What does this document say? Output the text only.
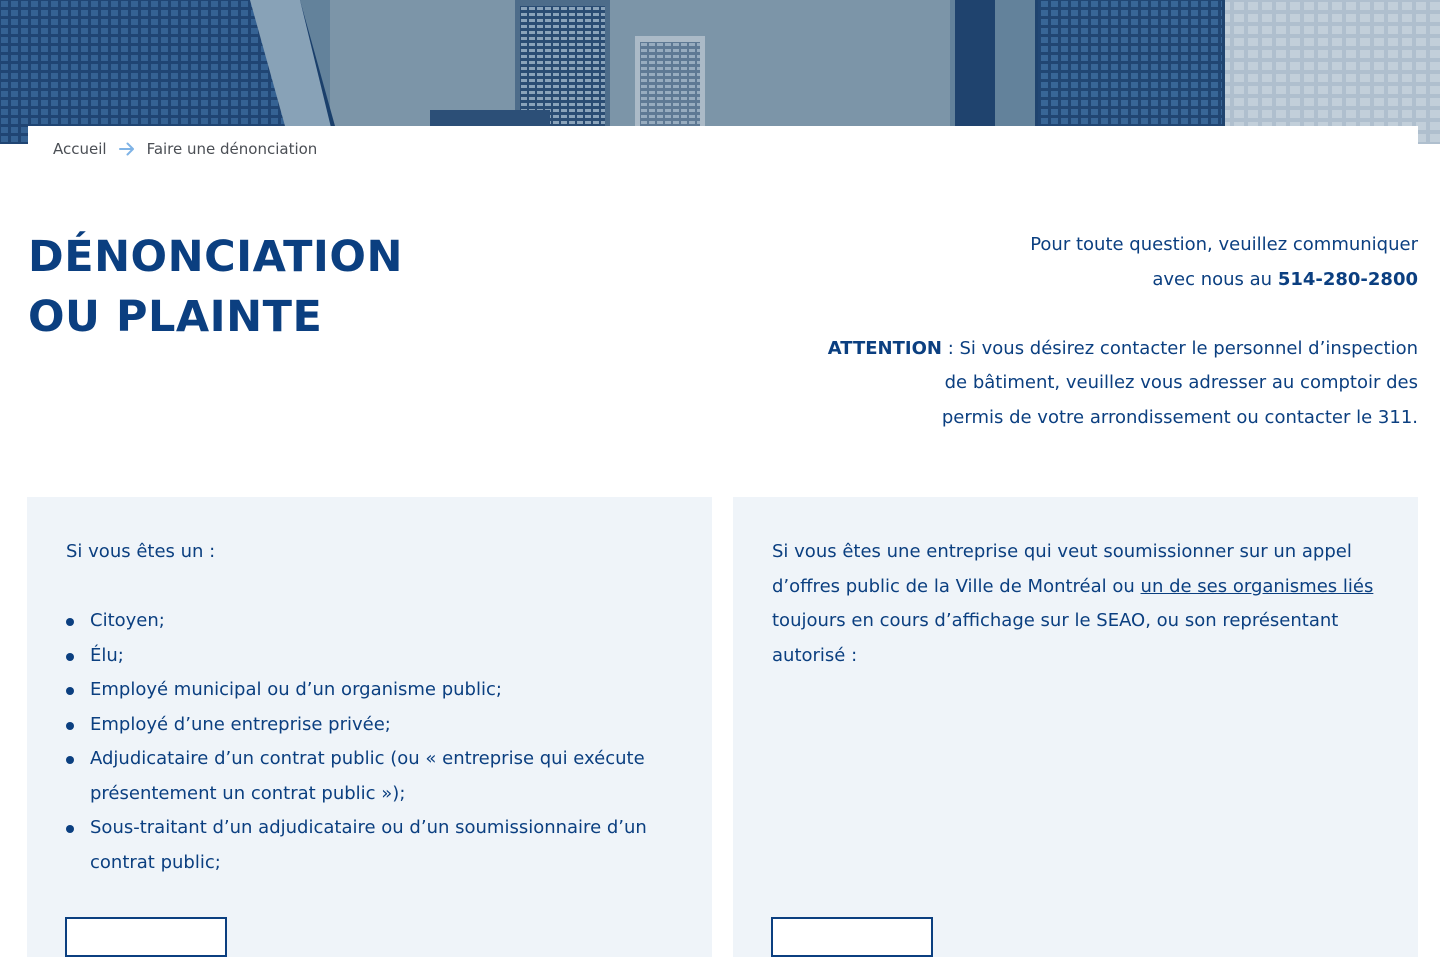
Accueil	Faire une dénonciation
DÉNONCIATION
OU PLAINTE

Pour toute question, veuillez communiquer

avec nous au 514-280-2800

ATTENTION : Si vous désirez contacter le personnel d’inspection

de bâtiment, veuillez vous adresser au comptoir des

permis de votre arrondissement ou contacter le 311.

Si vous êtes un :

Citoyen;
Élu;
Employé municipal ou d’un organisme public;
Employé d’une entreprise privée;
Adjudicataire d’un contrat public (ou « entreprise qui exécute présentement un contrat public »);
Sous-traitant d’un adjudicataire ou d’un soumissionnaire d’un contrat public;

Si vous êtes une entreprise qui veut soumissionner sur un appel d’offres public de la Ville de Montréal ou un de ses organismes liés toujours en cours d’affichage sur le SEAO, ou son représentant autorisé :
